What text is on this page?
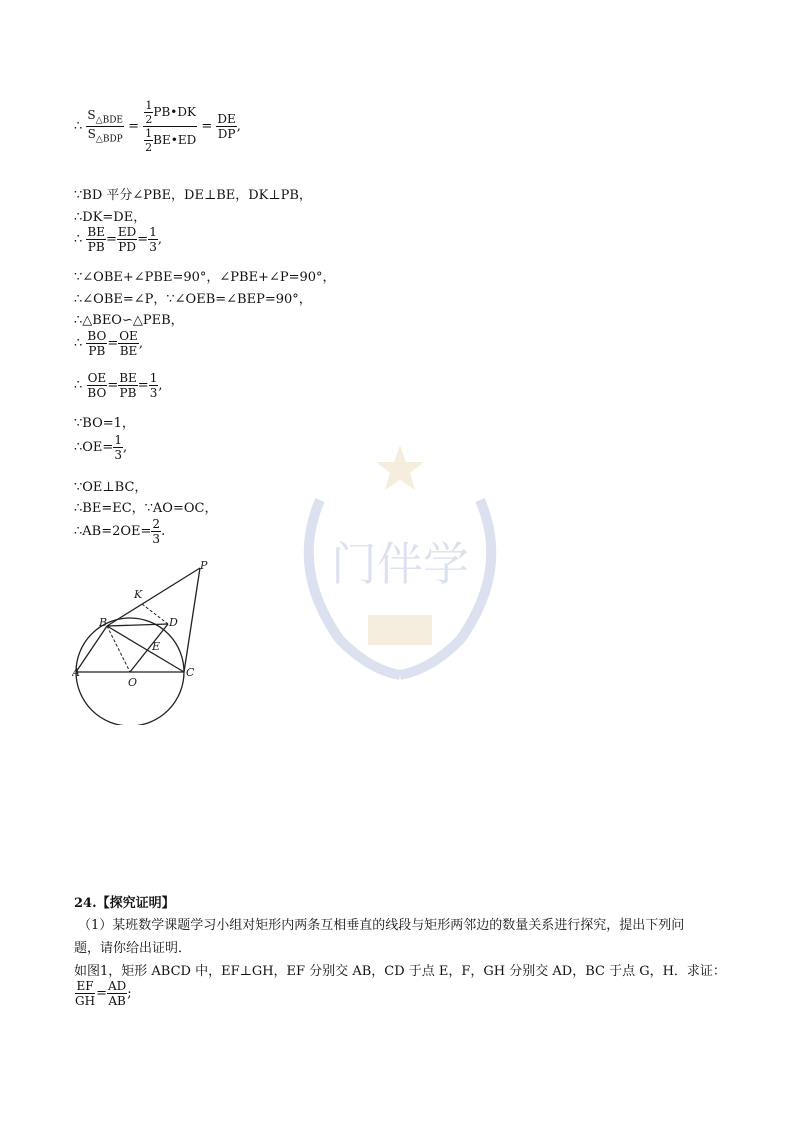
门伴学
∴ $\frac{S_{\triangle BDE}}{S_{\triangle BDP}} = \frac{\frac{1}{2} PB•DK}{\frac{1}{2} BE•ED} = \frac{DE}{DP}$ ,
∵BD 平分∠PBE，DE⊥BE，DK⊥PB，
∴DK=DE，
∴ $\frac{BE}{PB} = \frac{ED}{PD} = \frac{1}{3}$ ,
∵∠OBE+∠PBE=90°，∠PBE+∠P=90°，
∴∠OBE=∠P，∵∠OEB=∠BEP=90°，
∴△BEO∽△PEB，
∴ $\frac{BO}{PB} = \frac{OE}{BE}$ ,
∴ $\frac{OE}{BO} = \frac{BE}{PB} = \frac{1}{3}$ ,
∵BO=1，
∴OE= $\frac{1}{3}$ ,
∵OE⊥BC，
∴BE=EC，∵AO=OC，
∴AB=2OE= $\frac{2}{3}$ .
P
K
B	D
E
A
O
C
24.【探究证明】
（1）某班数学课题学习小组对矩形内两条互相垂直的线段与矩形两邻边的数量关系进行探究，提出下列问
题，请你给出证明．
如图1，矩形 ABCD 中，EF⊥GH，EF 分别交 AB，CD 于点 E，F，GH 分别交 AD，BC 于点 G，H．求证：
$\frac{EF}{GH} = \frac{AD}{AB}$ ;
